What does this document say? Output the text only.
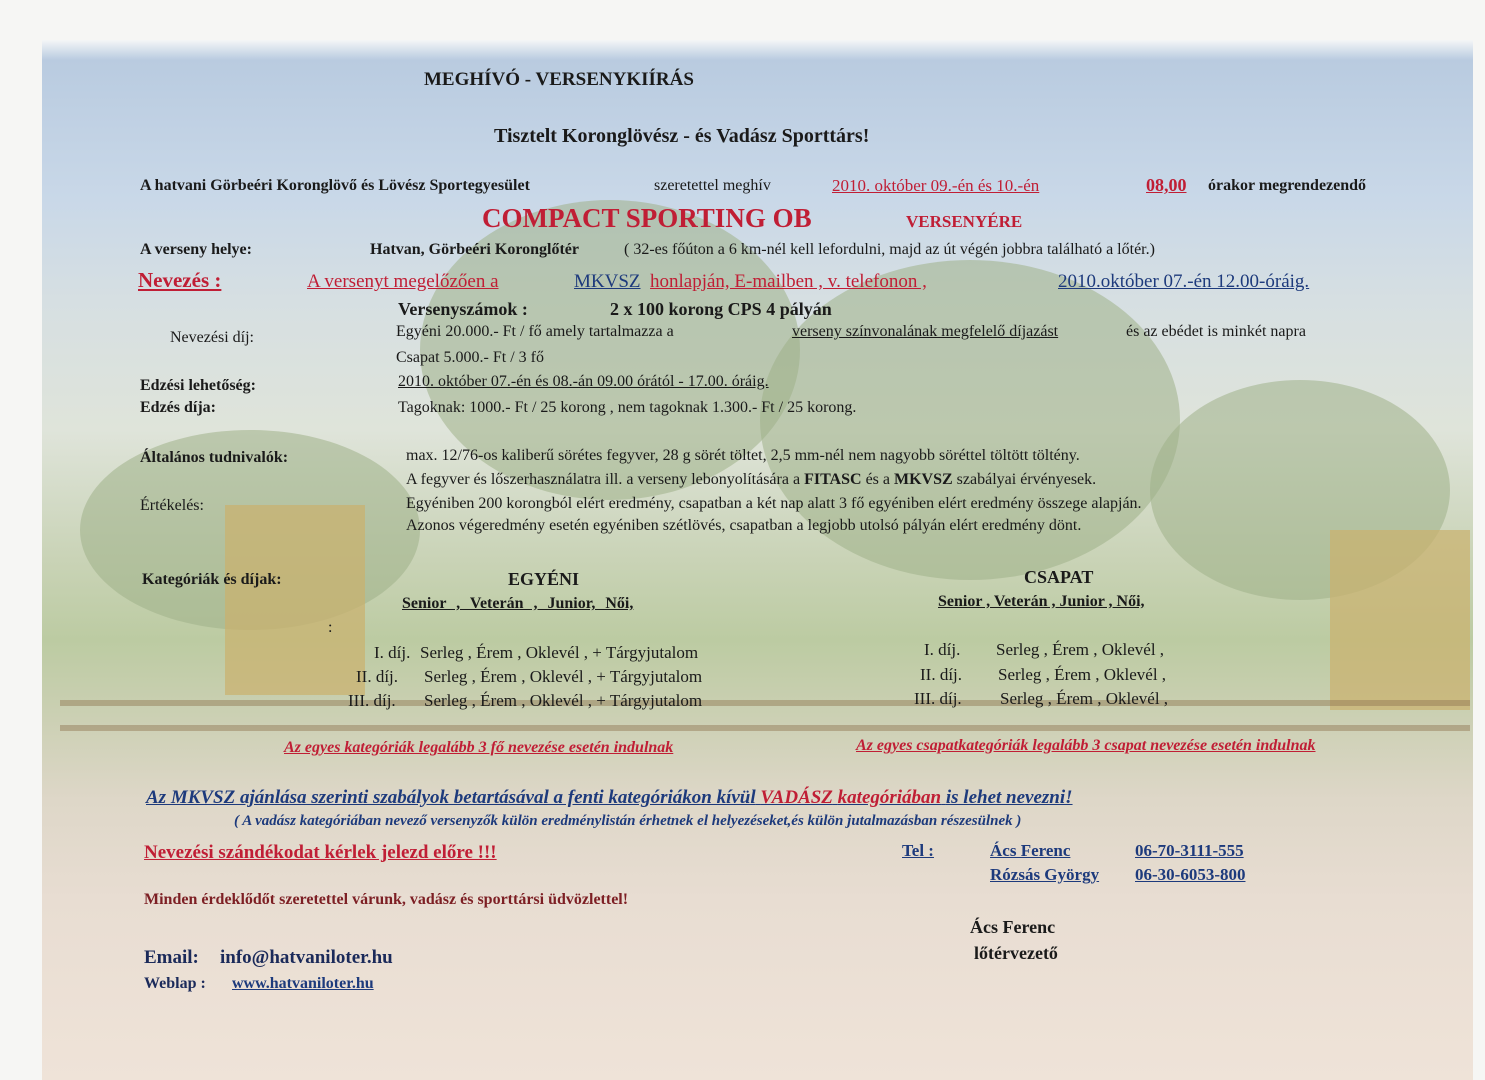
MEGHÍVÓ - VERSENYKIÍRÁS
Tisztelt Koronglövész - és Vadász Sporttárs!
A hatvani Görbeéri Koronglövő és Lövész Sportegyesület	szeretettel meghív	2010. október 09.-én és 10.-én	08,00 órakor megrendezendő
COMPACT SPORTING OB	VERSENYÉRE
A verseny helye:	Hatvan, Görbeéri Koronglőtér	( 32-es főúton a 6 km-nél kell lefordulni, majd az út végén jobbra található a lőtér.)
Nevezés :	A versenyt megelőzően a	MKVSZ honlapján, E-mailben , v. telefonon ,	2010.október 07.-én 12.00-óráig.
Versenyszámok :	2 x 100 korong CPS 4 pályán
Nevezési díj:	Egyéni 20.000.- Ft / fő amely tartalmazza a	verseny színvonalának megfelelő díjazást	és az ebédet is minkét napra
Csapat 5.000.- Ft / 3 fő
Edzési lehetőség:	2010. október 07.-én és 08.-án 09.00 órától - 17.00. óráig.
Edzés díja:	Tagoknak: 1000.- Ft / 25 korong , nem tagoknak 1.300.- Ft / 25 korong.
Általános tudnivalók:	max. 12/76-os kaliberű sörétes fegyver, 28 g sörét töltet, 2,5 mm-nél nem nagyobb söréttel töltött töltény.
A fegyver és lőszerhasználatra ill. a verseny lebonyolítására a FITASC és a MKVSZ szabályai érvényesek.
Értékelés:	Egyéniben 200 korongból elért eredmény, csapatban a két nap alatt 3 fő egyéniben elért eredmény összege alapján.
Azonos végeredmény esetén egyéniben szétlövés, csapatban a legjobb utolsó pályán elért eredmény dönt.
Kategóriák és díjak:
:
EGYÉNI
Senior , Veterán , Junior, Női,
I. díj. Serleg , Érem , Oklevél , + Tárgyjutalom
II. díj. Serleg , Érem , Oklevél , + Tárgyjutalom
III. díj. Serleg , Érem , Oklevél , + Tárgyjutalom
CSAPAT
Senior , Veterán , Junior , Női,
I. díj. Serleg , Érem , Oklevél ,
II. díj. Serleg , Érem , Oklevél ,
III. díj. Serleg , Érem , Oklevél ,
Az egyes kategóriák legalább 3 fő nevezése esetén indulnak	Az egyes csapatkategóriák legalább 3 csapat nevezése esetén indulnak
Az MKVSZ ajánlása szerinti szabályok betartásával a fenti kategóriákon kívül VADÁSZ kategóriában is lehet nevezni!
( A vadász kategóriában nevező versenyzők külön eredménylistán érhetnek el helyezéseket,és külön jutalmazásban részesülnek )
Nevezési szándékodat kérlek jelezd előre !!!	Tel :	Ács Ferenc	06-70-3111-555
Rózsás György 06-30-6053-800
Minden érdeklődőt szeretettel várunk, vadász és sporttársi üdvözlettel!
Ács Ferenc
lőtérvezető
Email: info@hatvaniloter.hu
Weblap : www.hatvaniloter.hu
